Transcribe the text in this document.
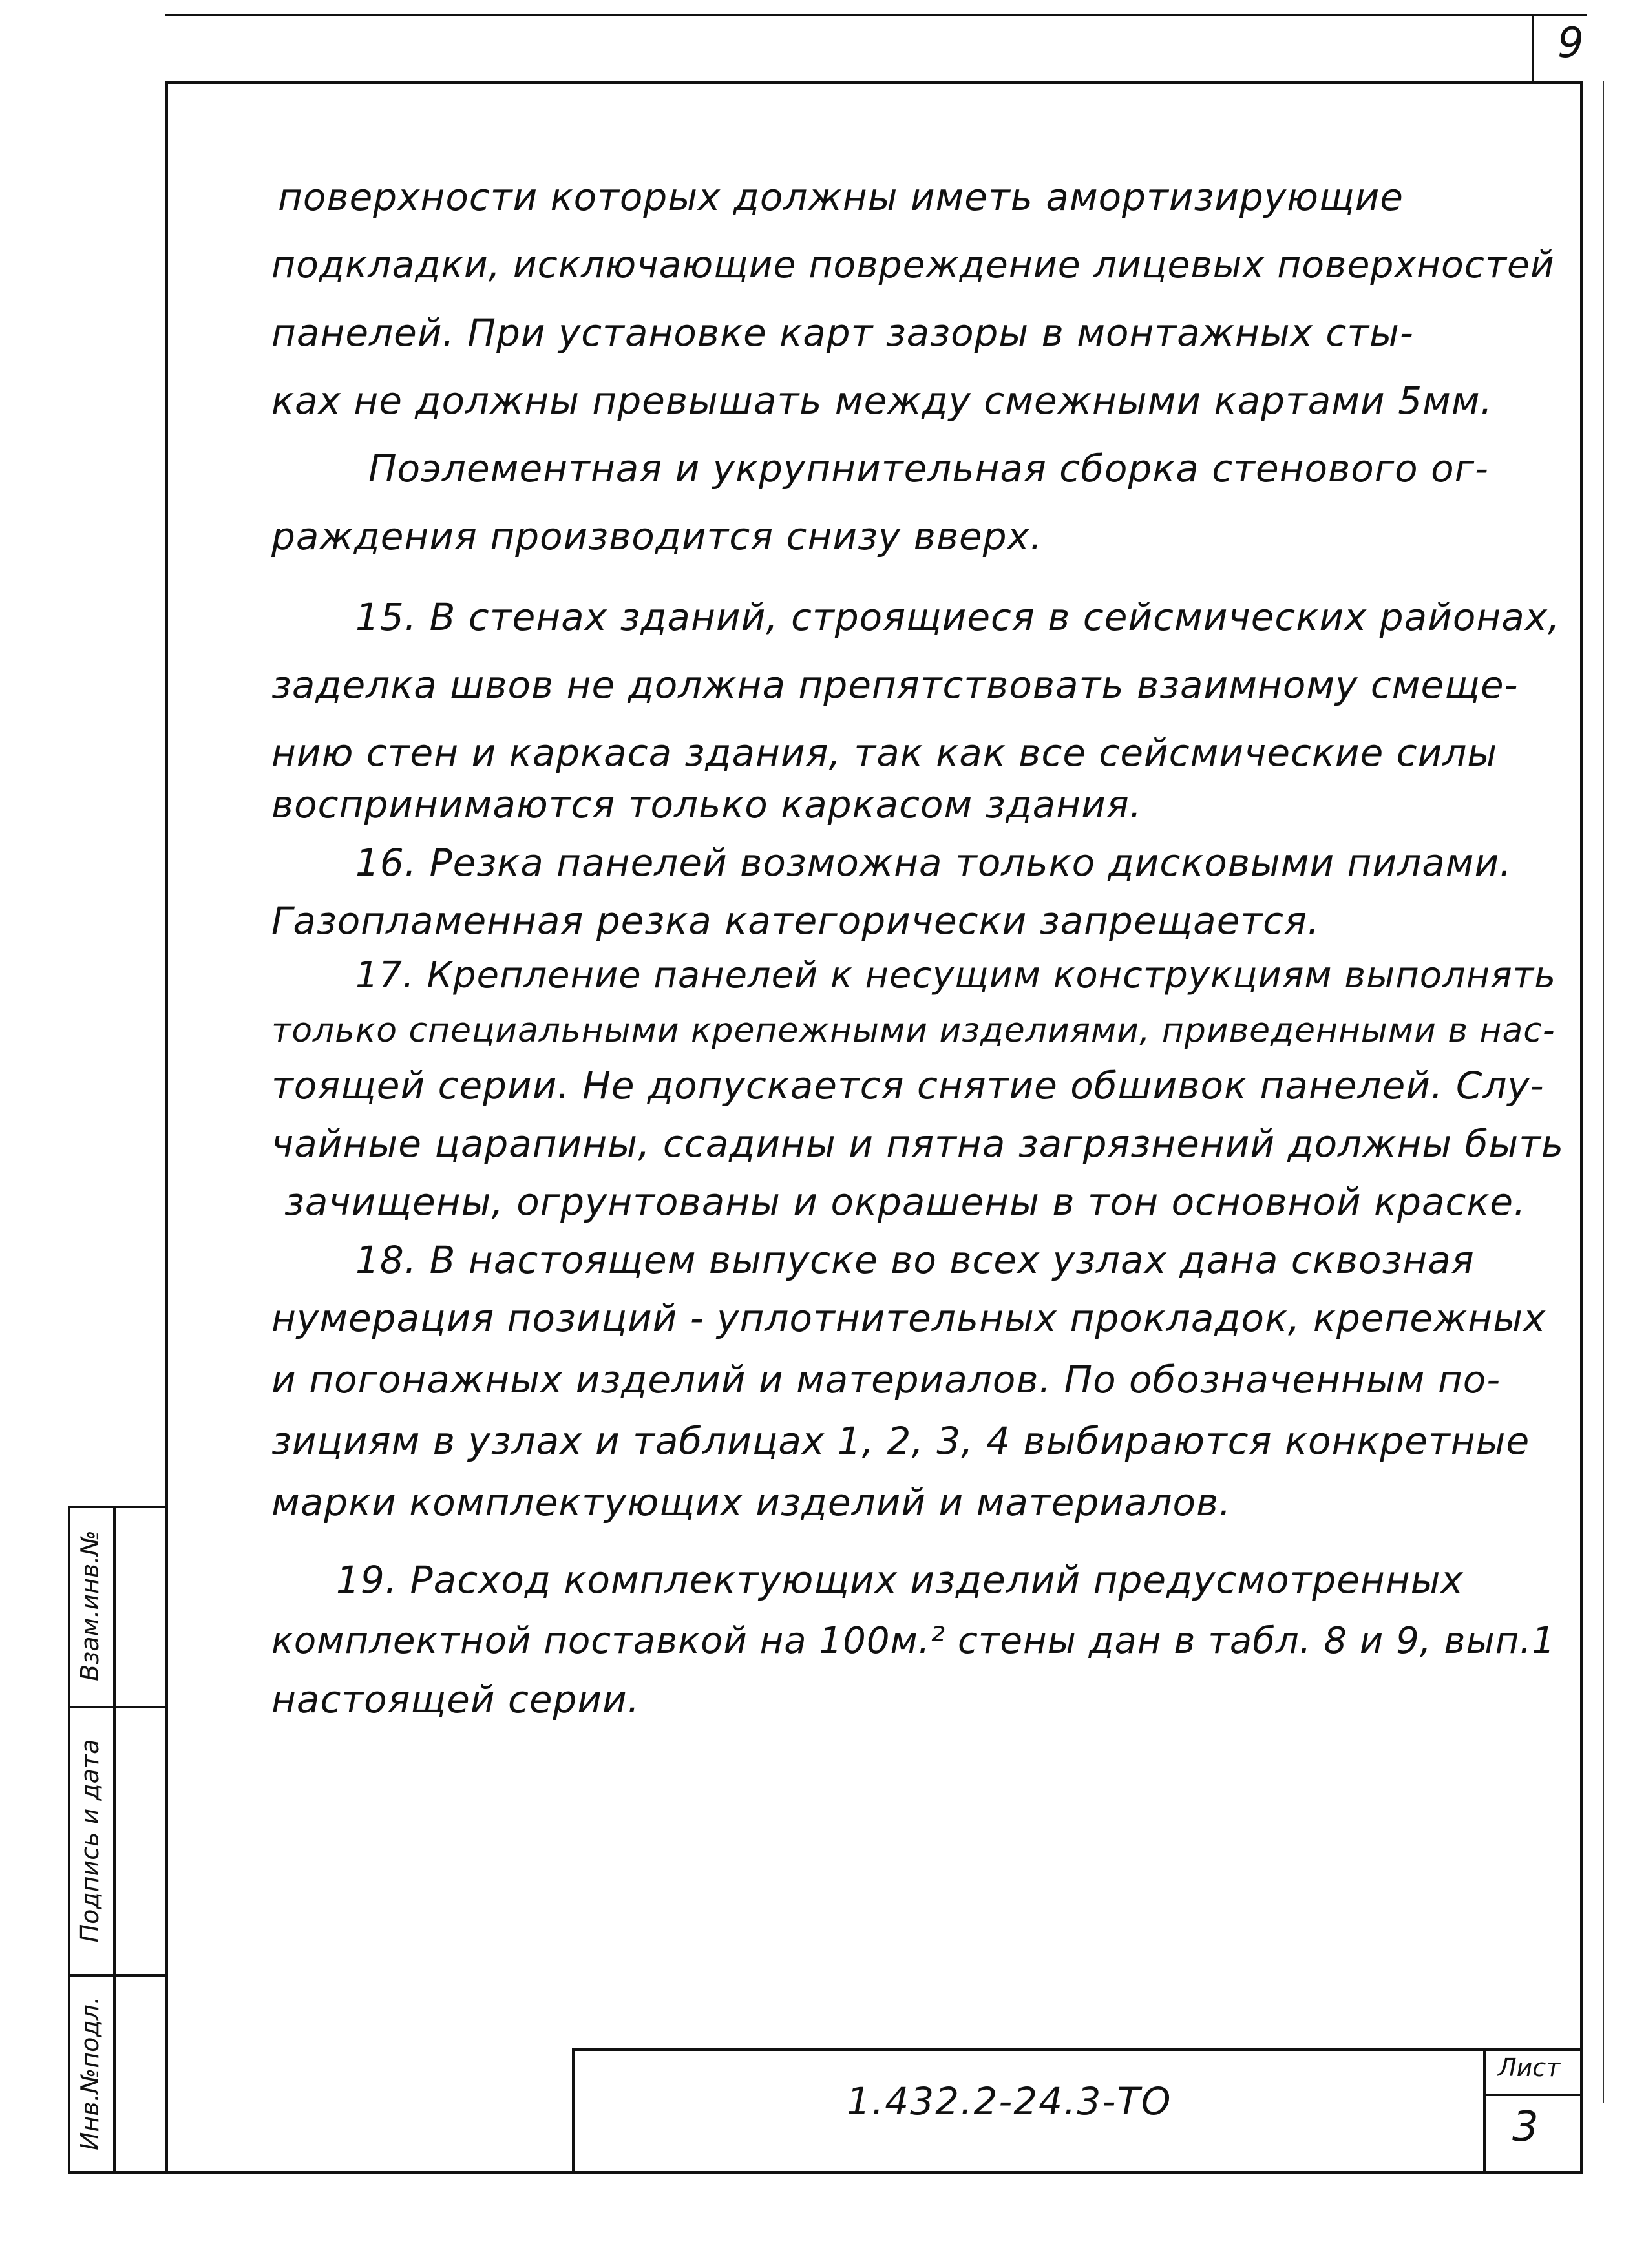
9
Взам.инв.№
Подпись и дата
Инв.№подл.
поверхности которых должны иметь амортизирующие
подкладки, исключающие повреждение лицевых поверхностей
панелей. При установке карт зазоры в монтажных сты-
ках не должны превышать между смежными картами 5мм.
Поэлементная и укрупнительная сборка стенового ог-
раждения производится снизу вверх.
15. В стенах зданий, строящиеся в сейсмических районах,
заделка швов не должна препятствовать взаимному смеще-
нию стен и каркаса здания, так как все сейсмические силы
воспринимаются только каркасом здания.
16. Резка панелей возможна только дисковыми пилами.
Газопламенная резка категорически запрещается.
17. Крепление панелей к несущим конструкциям выполнять
только специальными крепежными изделиями, приведенными в нас-
тоящей серии. Не допускается снятие обшивок панелей. Слу-
чайные царапины, ссадины и пятна загрязнений должны быть
зачищены, огрунтованы и окрашены в тон основной краске.
18. В настоящем выпуске во всех узлах дана сквозная
нумерация позиций - уплотнительных прокладок, крепежных
и погонажных изделий и материалов. По обозначенным по-
зициям в узлах и таблицах 1, 2, 3, 4 выбираются конкретные
марки комплектующих изделий и материалов.
19. Расход комплектующих изделий предусмотренных
комплектной поставкой на 100м.² стены дан в табл. 8 и 9, вып.1
настоящей серии.
1.432.2-24.3-ТО
Лист
3
